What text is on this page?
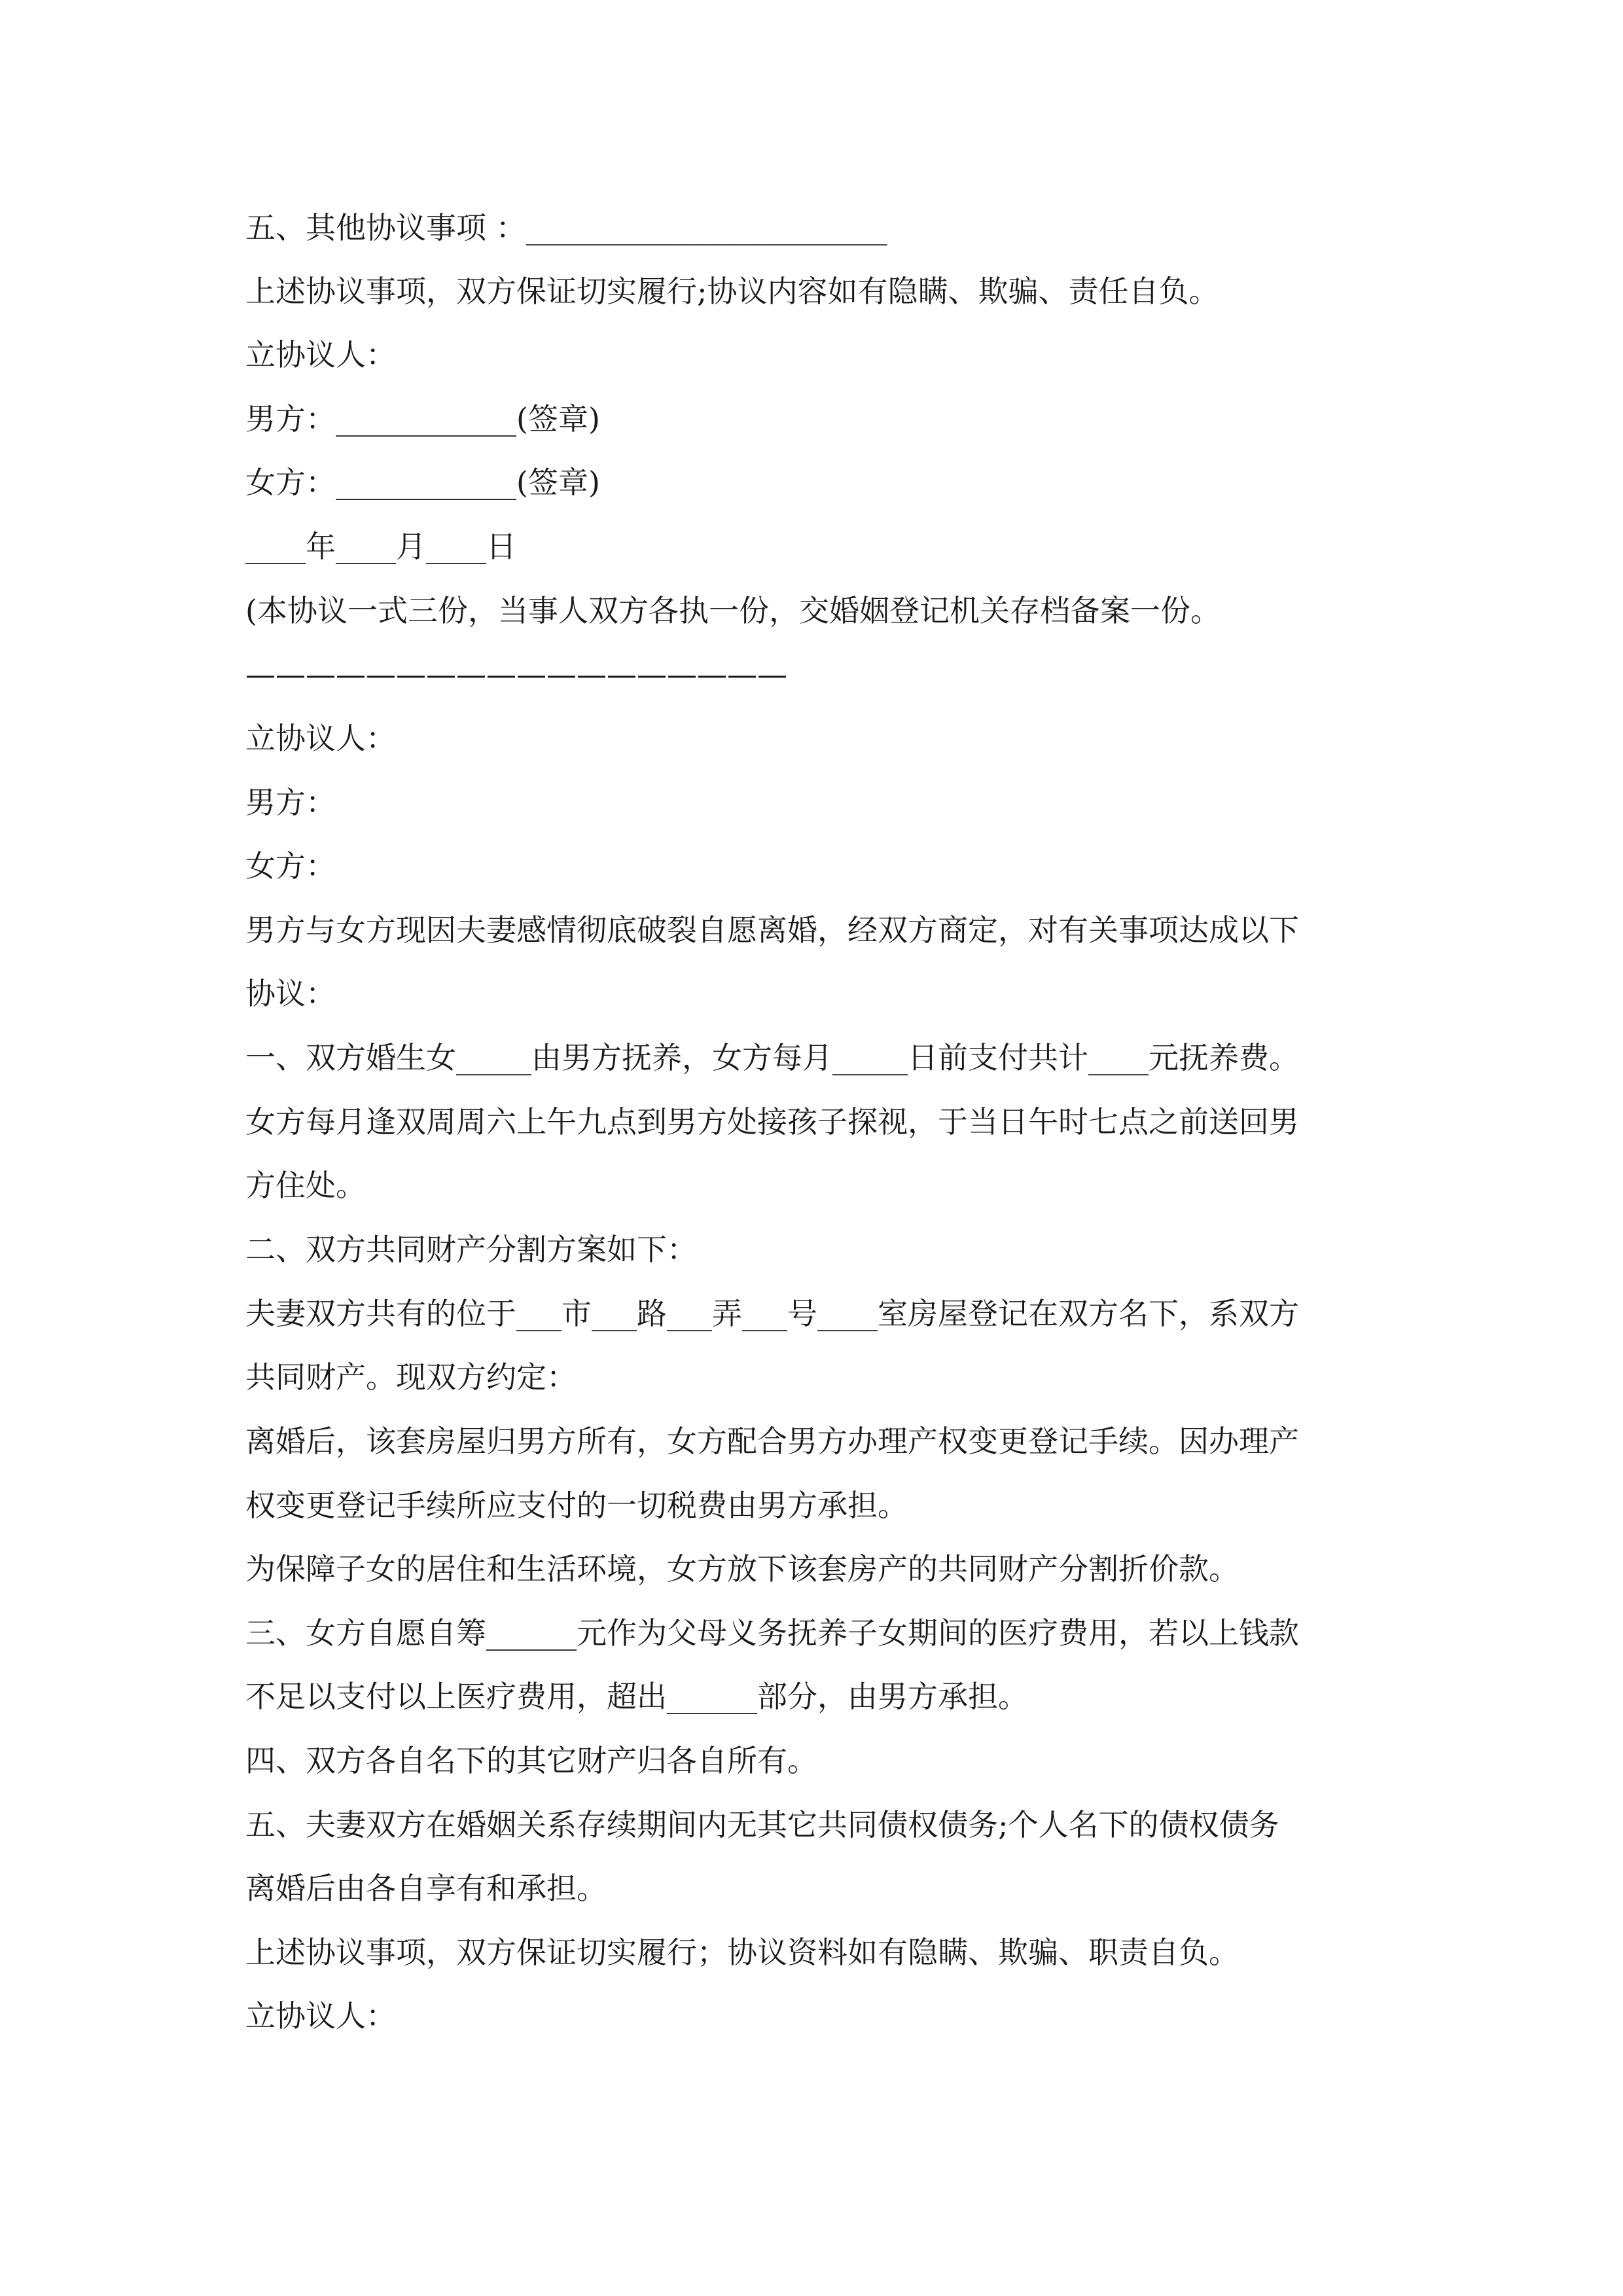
五、其他协议事项 ：________________________

上述协议事项，双方保证切实履行;协议内容如有隐瞒、欺骗、责任自负。

立协议人：

男方：____________(签章)

女方：____________(签章)

____年____月____日

(本协议一式三份，当事人双方各执一份，交婚姻登记机关存档备案一份。

——————————————————

立协议人：

男方：

女方：

男方与女方现因夫妻感情彻底破裂自愿离婚，经双方商定，对有关事项达成以下

协议：

一、双方婚生女_____由男方抚养，女方每月_____日前支付共计____元抚养费。

女方每月逢双周周六上午九点到男方处接孩子探视，于当日午时七点之前送回男

方住处。

二、双方共同财产分割方案如下：

夫妻双方共有的位于___市___路___弄___号____室房屋登记在双方名下，系双方

共同财产。现双方约定：

离婚后，该套房屋归男方所有，女方配合男方办理产权变更登记手续。因办理产

权变更登记手续所应支付的一切税费由男方承担。

为保障子女的居住和生活环境，女方放下该套房产的共同财产分割折价款。

三、女方自愿自筹______元作为父母义务抚养子女期间的医疗费用，若以上钱款

不足以支付以上医疗费用，超出______部分，由男方承担。

四、双方各自名下的其它财产归各自所有。

五、夫妻双方在婚姻关系存续期间内无其它共同债权债务;个人名下的债权债务

离婚后由各自享有和承担。

上述协议事项，双方保证切实履行；协议资料如有隐瞒、欺骗、职责自负。

立协议人：
